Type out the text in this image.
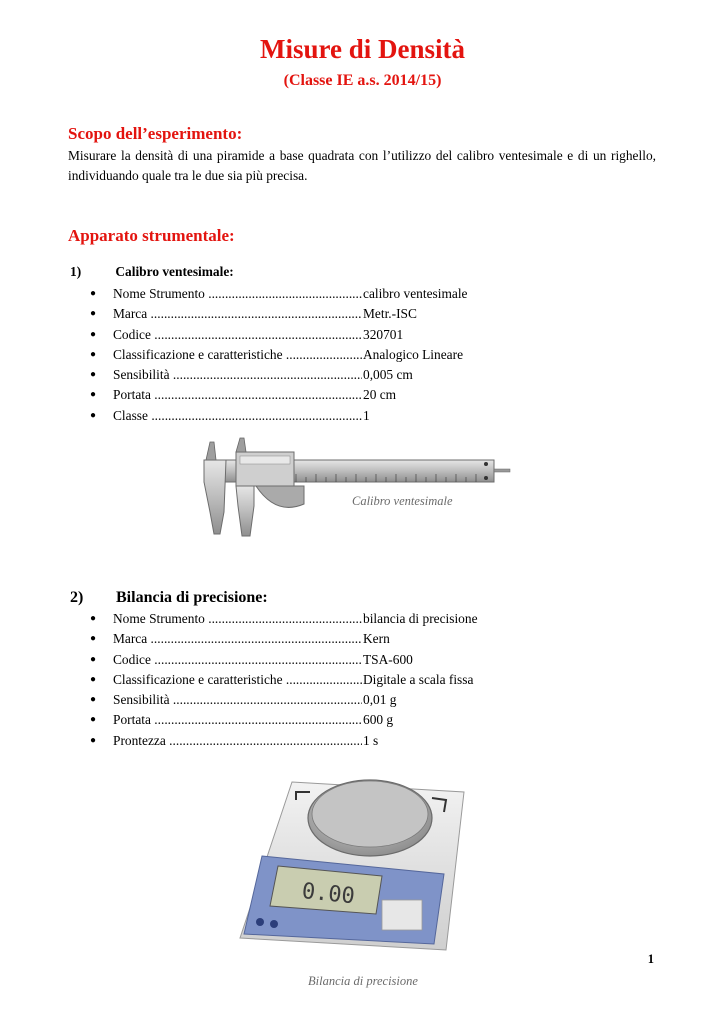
Misure di Densità
(Classe IE a.s. 2014/15)
Scopo dell’esperimento:
Misurare la densità di una piramide a base quadrata con l’utilizzo del calibro ventesimale e di un righello, individuando quale tra le due sia più precisa.
Apparato strumentale:
1)	Calibro ventesimale:
● Nome Strumento .....	calibro ventesimale
● Marca .....	Metr.-ISC
● Codice .....	320701
● Classificazione e caratteristiche .....	Analogico Lineare
● Sensibilità .....	0,005 cm
● Portata .....	20 cm
● Classe .....	1
Calibro ventesimale
2) Bilancia di precisione:
● Nome Strumento .....	bilancia di precisione
● Marca .....	Kern
● Codice .....	TSA-600
● Classificazione e caratteristiche .....	Digitale a scala fissa
● Sensibilità .....	0,01 g
● Portata .....	600 g
● Prontezza .....	1 s
0.00
1
Bilancia di precisione
